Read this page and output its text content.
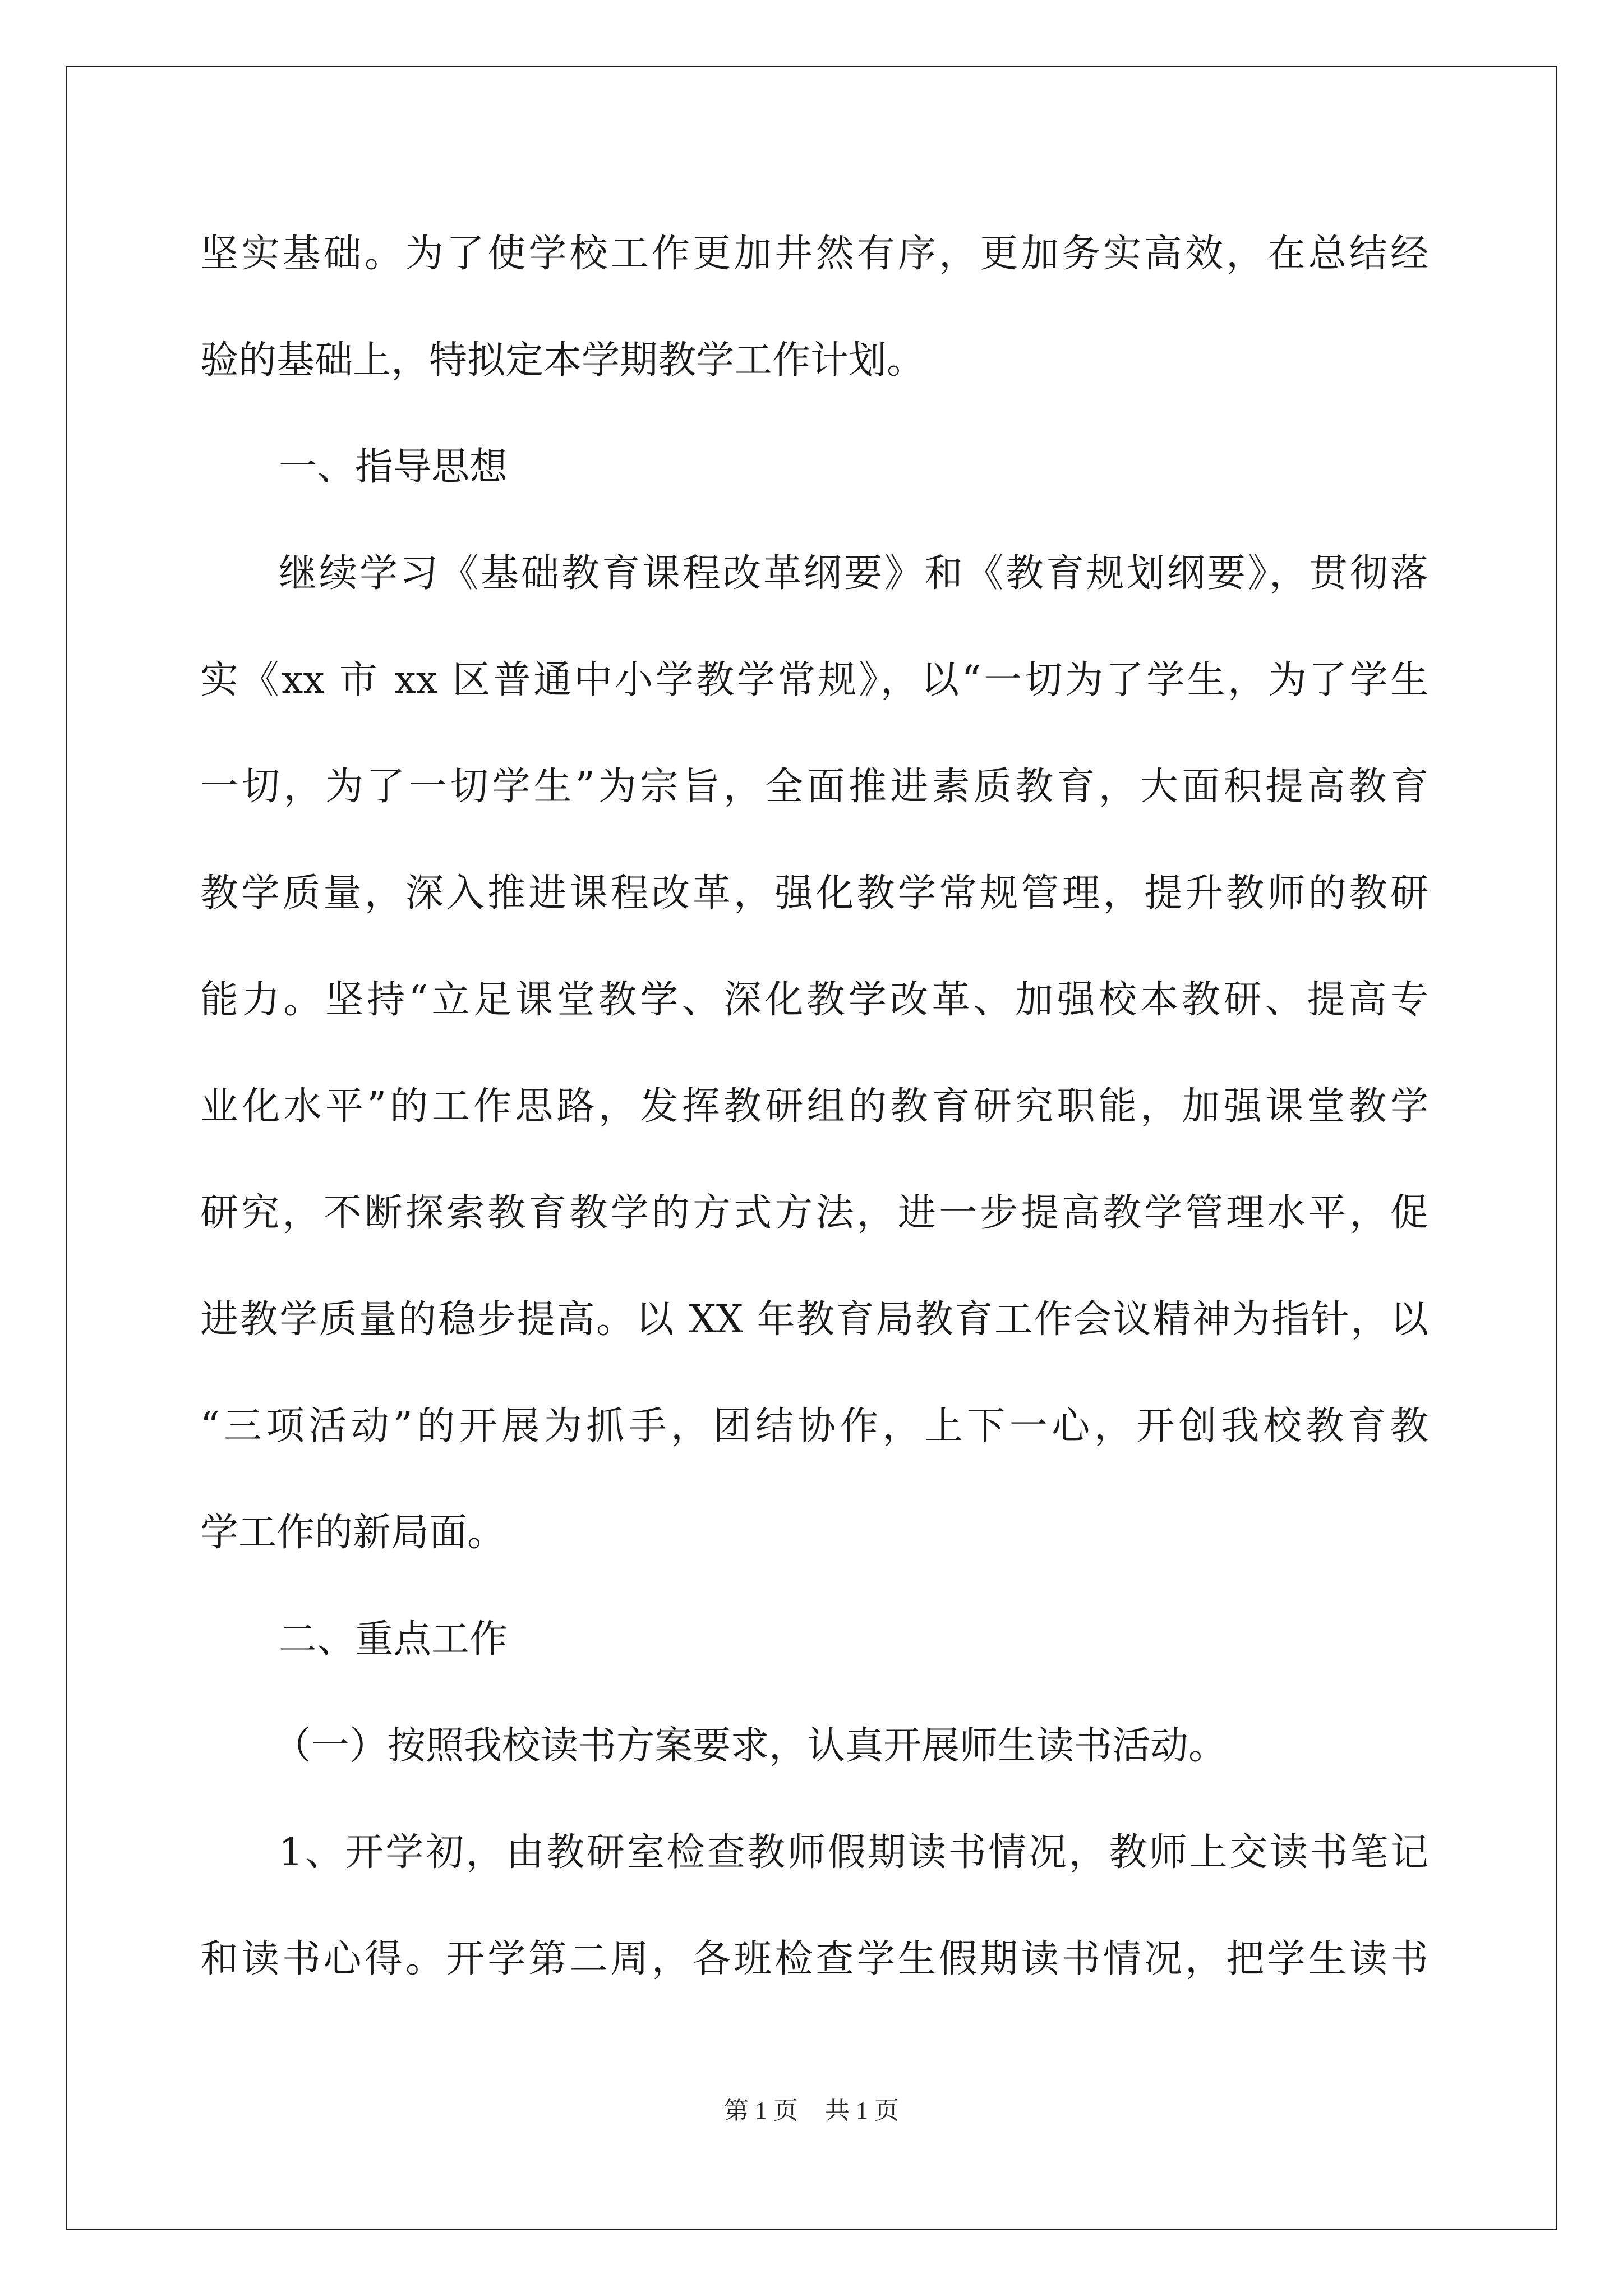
坚实基础。为了使学校工作更加井然有序，更加务实高效，在总结经
验的基础上，特拟定本学期教学工作计划。
一、指导思想
继续学习《基础教育课程改革纲要》和《教育规划纲要》，贯彻落
实《xx 市 xx 区普通中小学教学常规》，以“一切为了学生，为了学生
一切，为了一切学生”为宗旨，全面推进素质教育，大面积提高教育
教学质量，深入推进课程改革，强化教学常规管理，提升教师的教研
能力。坚持“立足课堂教学、深化教学改革、加强校本教研、提高专
业化水平”的工作思路，发挥教研组的教育研究职能，加强课堂教学
研究，不断探索教育教学的方式方法，进一步提高教学管理水平，促
进教学质量的稳步提高。以 XX 年教育局教育工作会议精神为指针，以
“三项活动”的开展为抓手，团结协作，上下一心，开创我校教育教
学工作的新局面。
二、重点工作
（一）按照我校读书方案要求，认真开展师生读书活动。
1、开学初，由教研室检查教师假期读书情况，教师上交读书笔记
和读书心得。开学第二周，各班检查学生假期读书情况，把学生读书
第 1 页 共 1 页
